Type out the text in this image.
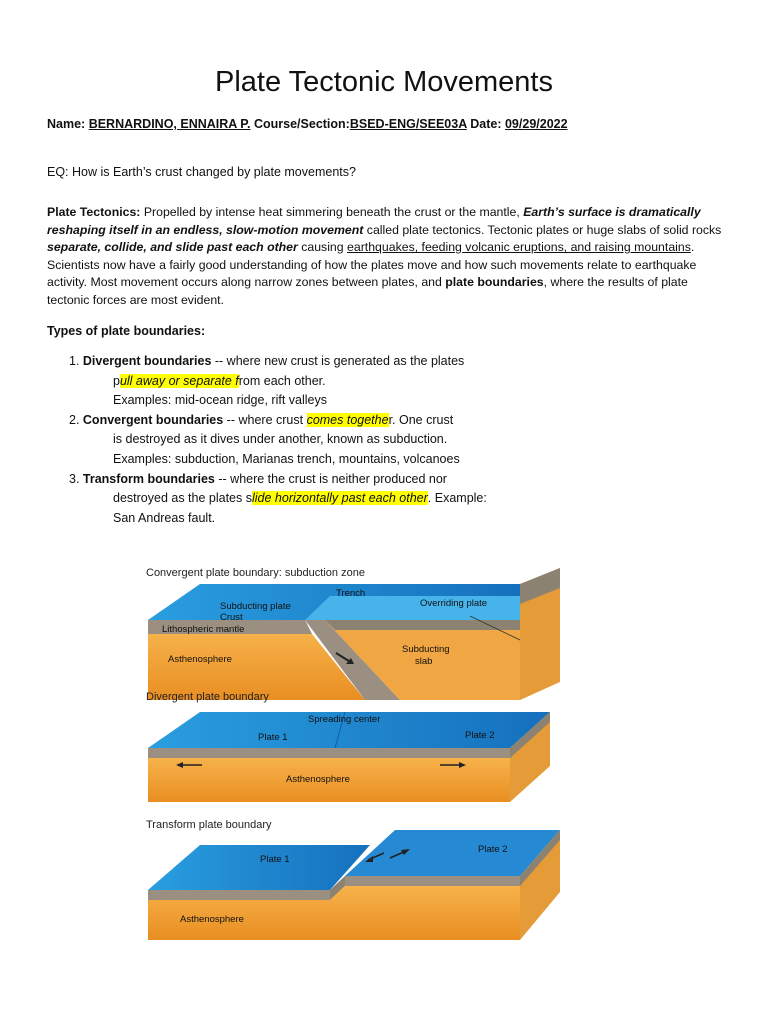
Plate Tectonic Movements
Name: BERNARDINO, ENNAIRA P. Course/Section:BSED-ENG/SEE03A Date: 09/29/2022
EQ: How is Earth’s crust changed by plate movements?
Plate Tectonics: Propelled by intense heat simmering beneath the crust or the mantle, Earth’s surface is dramatically reshaping itself in an endless, slow-motion movement called plate tectonics. Tectonic plates or huge slabs of solid rocks separate, collide, and slide past each other causing earthquakes, feeding volcanic eruptions, and raising mountains. Scientists now have a fairly good understanding of how the plates move and how such movements relate to earthquake activity. Most movement occurs along narrow zones between plates, and plate boundaries, where the results of plate tectonic forces are most evident.
Types of plate boundaries:
1. Divergent boundaries -- where new crust is generated as the plates
pull away or separate from each other.
Examples: mid-ocean ridge, rift valleys
2. Convergent boundaries -- where crust comes together. One crust
is destroyed as it dives under another, known as subduction.
Examples: subduction, Marianas trench, mountains, volcanoes
3. Transform boundaries -- where the crust is neither produced nor
destroyed as the plates slide horizontally past each other. Example:
San Andreas fault.
Convergent plate boundary: subduction zone
Trench
Subducting plate	Overriding plate
Crust
Lithospheric mantle
Asthenosphere
Subducting
slab
Divergent plate boundary
Spreading center
Plate 1	Plate 2
Asthenosphere
Transform plate boundary
Plate 1
Plate 2
Asthenosphere
